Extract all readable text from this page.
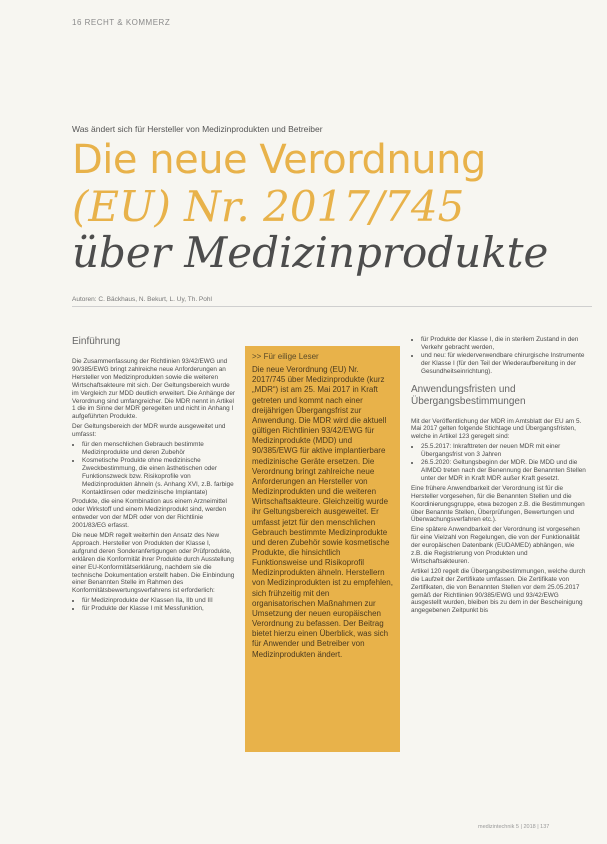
16 RECHT & KOMMERZ
Was ändert sich für Hersteller von Medizinprodukten und Betreiber
Die neue Verordnung
(EU) Nr. 2017/745
über Medizinprodukte
Autoren: C. Bäckhaus, N. Bekurt, L. Uy, Th. Pohl
Einführung

Die Zusammenfassung der Richtlinien 93/42/EWG und 90/385/EWG bringt zahlreiche neue Anforderungen an Hersteller von Medizinprodukten sowie die weiteren Wirtschaftsakteure mit sich. Der Geltungsbereich wurde im Vergleich zur MDD deutlich erweitert. Die Anhänge der Verordnung sind umfangreicher. Die MDR nennt in Artikel 1 die im Sinne der MDR geregelten und nicht in Anhang I aufgeführten Produkte.

Der Geltungsbereich der MDR wurde ausgeweitet und umfasst:

• für den menschlichen Gebrauch bestimmte Medizinprodukte und deren Zubehör
• Kosmetische Produkte ohne medizinische Zweckbestimmung, die einen ästhetischen oder Funktionszweck bzw. Risikoprofile von Medizinprodukten ähneln (s. Anhang XVI, z.B. farbige Kontaktlinsen oder medizinische Implantate)

Produkte, die eine Kombination aus einem Arzneimittel oder Wirkstoff und einem Medizinprodukt sind, werden entweder von der MDR oder von der Richtlinie 2001/83/EG erfasst.

Die neue MDR regelt weiterhin den Ansatz des New Approach. Hersteller von Produkten der Klasse I, aufgrund deren Sonderanfertigungen oder Prüfprodukte, erklären die Konformität ihrer Produkte durch Ausstellung einer EU-Konformitätserklärung, nachdem sie die technische Dokumentation erstellt haben. Die Einbindung einer Benannten Stelle im Rahmen des Konformitätsbewertungsverfahrens ist erforderlich:

• für Medizinprodukte der Klassen IIa, IIb und III
• für Produkte der Klasse I mit Messfunktion,
>> Für eilige Leser

Die neue Verordnung (EU) Nr. 2017/745 über Medizinprodukte (kurz „MDR“) ist am 25. Mai 2017 in Kraft getreten und kommt nach einer dreijährigen Übergangsfrist zur Anwendung. Die MDR wird die aktuell gültigen Richtlinien 93/42/EWG für Medizinprodukte (MDD) und 90/385/EWG für aktive implantierbare medizinische Geräte ersetzen. Die Verordnung bringt zahlreiche neue Anforderungen an Hersteller von Medizinprodukten und die weiteren Wirtschaftsakteure. Gleichzeitig wurde ihr Geltungsbereich ausgeweitet. Er umfasst jetzt für den menschlichen Gebrauch bestimmte Medizinprodukte und deren Zubehör sowie kosmetische Produkte, die hinsichtlich Funktionsweise und Risikoprofil Medizinprodukten ähneln. Herstellern von Medizinprodukten ist zu empfehlen, sich frühzeitig mit den organisatorischen Maßnahmen zur Umsetzung der neuen europäischen Verordnung zu befassen. Der Beitrag bietet hierzu einen Überblick, was sich für Anwender und Betreiber von Medizinprodukten ändert.

• für Produkte der Klasse I, die in sterilem Zustand in den Verkehr gebracht werden,
• und neu: für wiederverwendbare chirurgische Instrumente der Klasse I (für den Teil der Wiederaufbereitung in der Gesundheitseinrichtung).
Anwendungsfristen und Übergangsbestimmungen

Mit der Veröffentlichung der MDR im Amtsblatt der EU am 5. Mai 2017 gelten folgende Stichtage und Übergangsfristen, welche in Artikel 123 geregelt sind:

• 25.5.2017: Inkrafttreten der neuen MDR mit einer Übergangsfrist von 3 Jahren
• 26.5.2020: Geltungsbeginn der MDR. Die MDD und die AIMDD treten nach der Benennung der Benannten Stellen unter der MDR in Kraft MDR außer Kraft gesetzt.

Eine frühere Anwendbarkeit der Verordnung ist für die Hersteller vorgesehen, für die Benannten Stellen und die Koordinierungsgruppe, etwa bezogen z.B. die Bestimmungen über Benannte Stellen, Überprüfungen, Bewertungen und Überwachungsverfahren etc.).

Eine spätere Anwendbarkeit der Verordnung ist vorgesehen für eine Vielzahl von Regelungen, die von der Funktionalität der europäischen Datenbank (EUDAMED) abhängen, wie z.B. die Registrierung von Produkten und Wirtschaftsakteuren.

Artikel 120 regelt die Übergangsbestimmungen, welche durch die Laufzeit der Zertifikate umfassen. Die Zertifikate von Zertifikaten, die von Benannten Stellen vor dem 25.05.2017 gemäß der Richtlinien 90/385/EWG und 93/42/EWG ausgestellt wurden, bleiben bis zu dem in der Bescheinigung angegebenen Zeitpunkt bis

medizintechnik 5 | 2018 | 137
